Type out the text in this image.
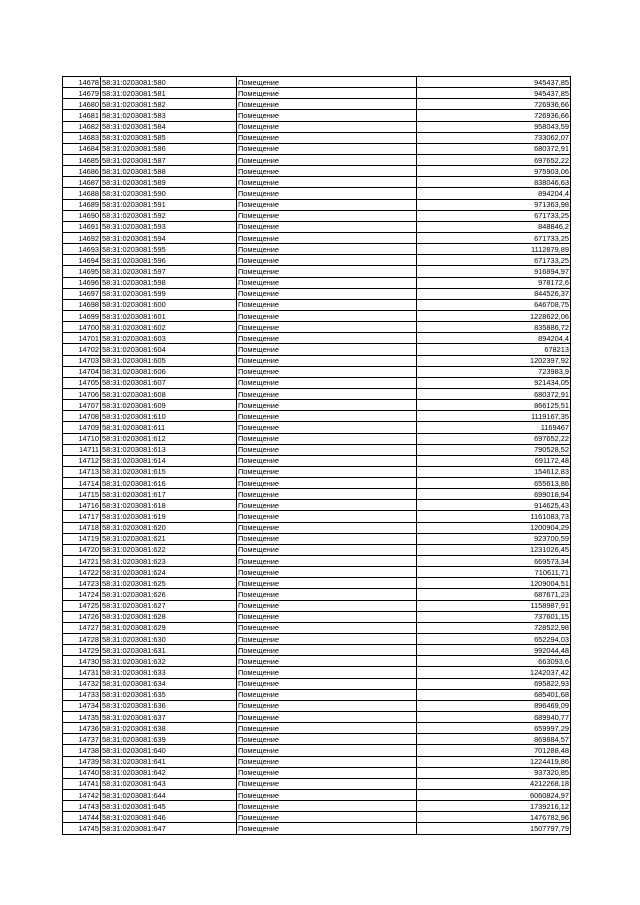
14678	58:31:0203081:580	Помещение	945437,85
14679	58:31:0203081:581	Помещение	945437,85
14680	58:31:0203081:582	Помещение	726936,66
14681	58:31:0203081:583	Помещение	726936,66
14682	58:31:0203081:584	Помещение	958043,59
14683	58:31:0203081:585	Помещение	733062,07
14684	58:31:0203081:586	Помещение	680372,91
14685	58:31:0203081:587	Помещение	697652,22
14686	58:31:0203081:588	Помещение	975903,06
14687	58:31:0203081:589	Помещение	838046,63
14688	58:31:0203081:590	Помещение	894204,4
14689	58:31:0203081:591	Помещение	971363,98
14690	58:31:0203081:592	Помещение	671733,25
14691	58:31:0203081:593	Помещение	848846,2
14692	58:31:0203081:594	Помещение	671733,25
14693	58:31:0203081:595	Помещение	1112879,89
14694	58:31:0203081:596	Помещение	671733,25
14695	58:31:0203081:597	Помещение	916894,97
14696	58:31:0203081:598	Помещение	978172,6
14697	58:31:0203081:599	Помещение	844526,37
14698	58:31:0203081:600	Помещение	646708,75
14699	58:31:0203081:601	Помещение	1228622,06
14700	58:31:0203081:602	Помещение	835886,72
14701	58:31:0203081:603	Помещение	894204,4
14702	58:31:0203081:604	Помещение	678213
14703	58:31:0203081:605	Помещение	1202397,92
14704	58:31:0203081:606	Помещение	723983,9
14705	58:31:0203081:607	Помещение	921434,05
14706	58:31:0203081:608	Помещение	680372,91
14707	58:31:0203081:609	Помещение	866125,51
14708	58:31:0203081:610	Помещение	1119167,35
14709	58:31:0203081:611	Помещение	1169467
14710	58:31:0203081:612	Помещение	697652,22
14711	58:31:0203081:613	Помещение	790528,52
14712	58:31:0203081:614	Помещение	691172,48
14713	58:31:0203081:615	Помещение	154612,83
14714	58:31:0203081:616	Помещение	655613,86
14715	58:31:0203081:617	Помещение	699018,94
14716	58:31:0203081:618	Помещение	914625,43
14717	58:31:0203081:619	Помещение	1161083,73
14718	58:31:0203081:620	Помещение	1200904,29
14719	58:31:0203081:621	Помещение	923700,59
14720	58:31:0203081:622	Помещение	1231026,45
14721	58:31:0203081:623	Помещение	669573,34
14722	58:31:0203081:624	Помещение	710611,71
14723	58:31:0203081:625	Помещение	1209004,51
14724	58:31:0203081:626	Помещение	687671,23
14725	58:31:0203081:627	Помещение	1158987,91
14726	58:31:0203081:628	Помещение	737601,15
14727	58:31:0203081:629	Помещение	728522,98
14728	58:31:0203081:630	Помещение	652294,03
14729	58:31:0203081:631	Помещение	992044,48
14730	58:31:0203081:632	Помещение	663093,6
14731	58:31:0203081:633	Помещение	1242037,42
14732	58:31:0203081:634	Помещение	695822,93
14733	58:31:0203081:635	Помещение	685401,68
14734	58:31:0203081:636	Помещение	896469,09
14735	58:31:0203081:637	Помещение	689940,77
14736	58:31:0203081:638	Помещение	659997,29
14737	58:31:0203081:639	Помещение	869884,57
14738	58:31:0203081:640	Помещение	701288,48
14739	58:31:0203081:641	Помещение	1224419,86
14740	58:31:0203081:642	Помещение	937320,85
14741	58:31:0203081:643	Помещение	4212268,18
14742	58:31:0203081:644	Помещение	6060824,97
14743	58:31:0203081:645	Помещение	1739216,12
14744	58:31:0203081:646	Помещение	1476782,96
14745	58:31:0203081:647	Помещение	1507797,79
